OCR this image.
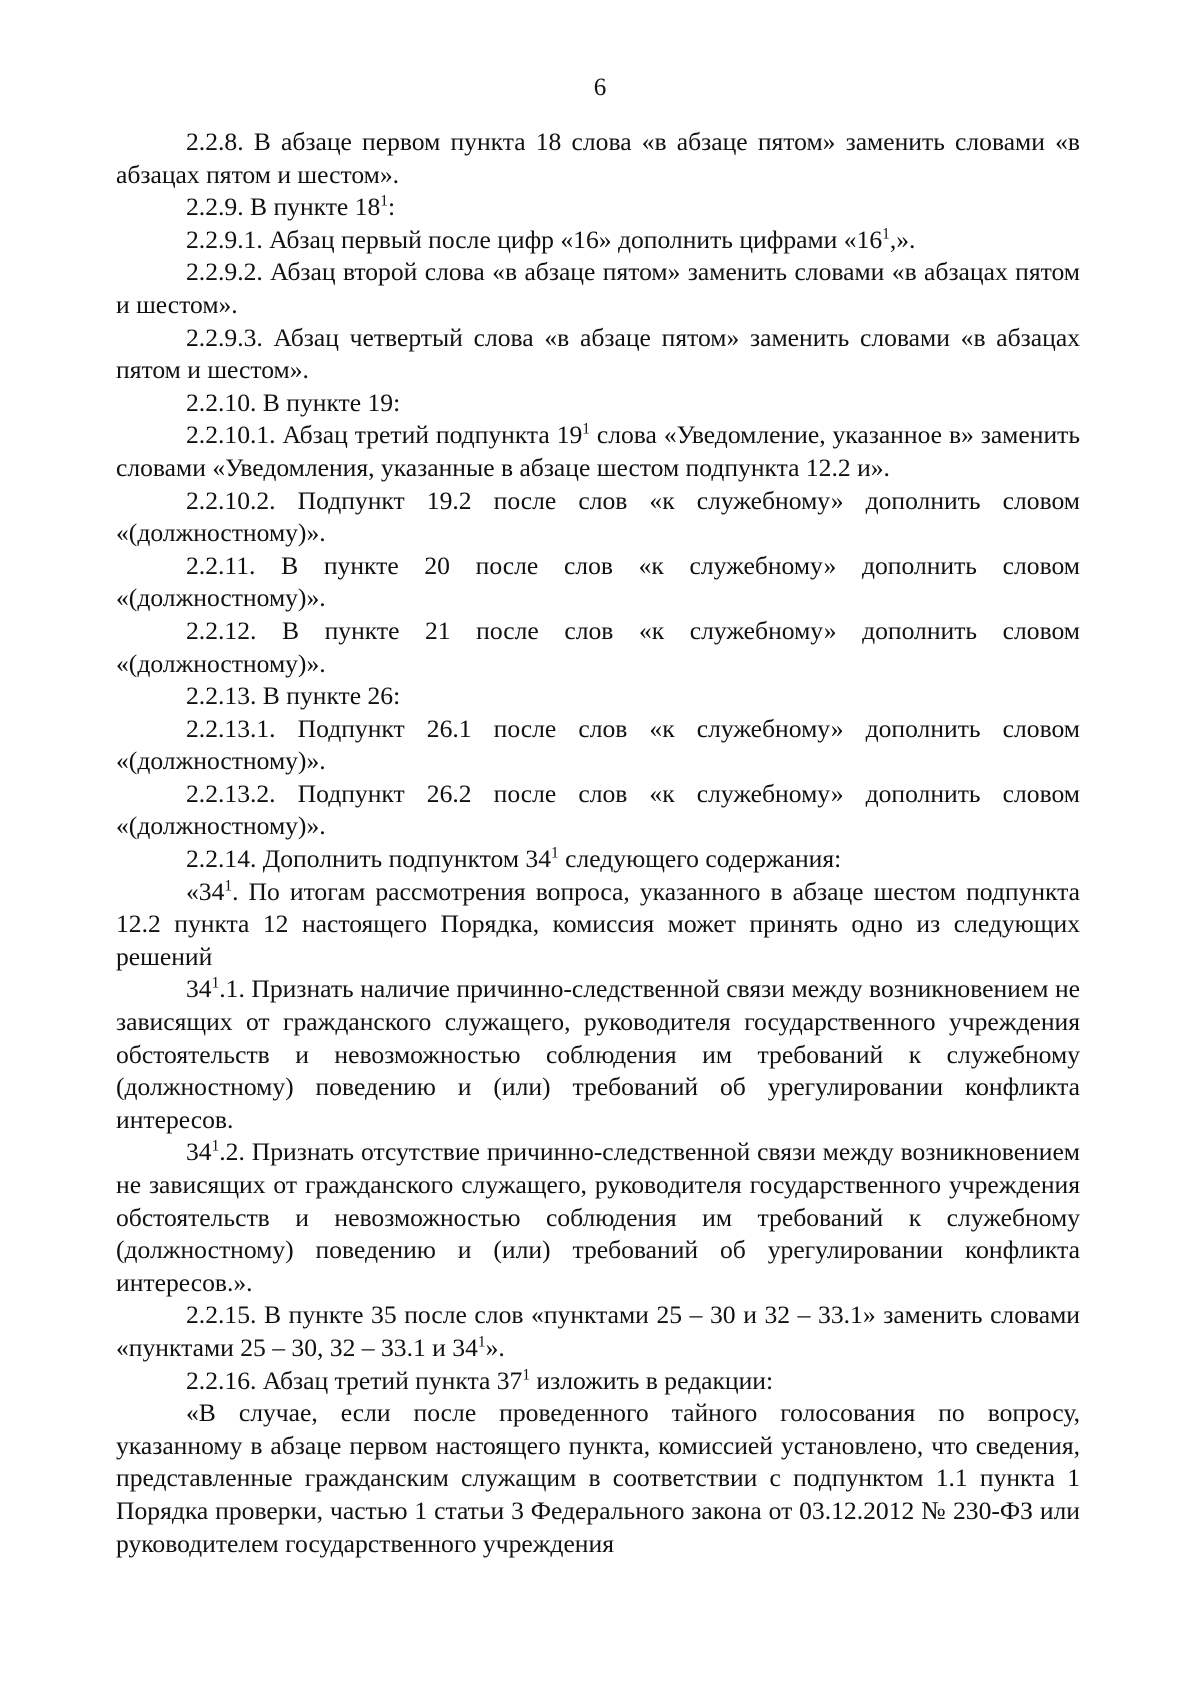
6

2.2.8. В абзаце первом пункта 18 слова «в абзаце пятом» заменить словами «в абзацах пятом и шестом».

2.2.9. В пункте $18^1$:

2.2.9.1. Абзац первый после цифр «16» дополнить цифрами «$16^1$,».

2.2.9.2. Абзац второй слова «в абзаце пятом» заменить словами «в абзацах пятом и шестом».

2.2.9.3. Абзац четвертый слова «в абзаце пятом» заменить словами «в абзацах пятом и шестом».

2.2.10. В пункте 19:

2.2.10.1. Абзац третий подпункта $19^1$ слова «Уведомление, указанное в» заменить словами «Уведомления, указанные в абзаце шестом подпункта 12.2 и».

2.2.10.2. Подпункт 19.2 после слов «к служебному» дополнить словом «(должностному)».

2.2.11. В пункте 20 после слов «к служебному» дополнить словом «(должностному)».

2.2.12. В пункте 21 после слов «к служебному» дополнить словом «(должностному)».

2.2.13. В пункте 26:

2.2.13.1. Подпункт 26.1 после слов «к служебному» дополнить словом «(должностному)».

2.2.13.2. Подпункт 26.2 после слов «к служебному» дополнить словом «(должностному)».

2.2.14. Дополнить подпунктом $34^1$ следующего содержания:

«$34^1$. По итогам рассмотрения вопроса, указанного в абзаце шестом подпункта 12.2 пункта 12 настоящего Порядка, комиссия может принять одно из следующих решений

$34^1.1$. Признать наличие причинно-следственной связи между возникновением не зависящих от гражданского служащего, руководителя государственного учреждения обстоятельств и невозможностью соблюдения им требований к служебному (должностному) поведению и (или) требований об урегулировании конфликта интересов.

$34^1.2$. Признать отсутствие причинно-следственной связи между возникновением не зависящих от гражданского служащего, руководителя государственного учреждения обстоятельств и невозможностью соблюдения им требований к служебному (должностному) поведению и (или) требований об урегулировании конфликта интересов.».

2.2.15. В пункте 35 после слов «пунктами 25 – 30 и 32 – 33.1» заменить словами «пунктами 25 – 30, 32 – 33.1 и $34^1$».

2.2.16. Абзац третий пункта $37^1$ изложить в редакции:

«В случае, если после проведенного тайного голосования по вопросу, указанному в абзаце первом настоящего пункта, комиссией установлено, что сведения, представленные гражданским служащим в соответствии с подпунктом 1.1 пункта 1 Порядка проверки, частью 1 статьи 3 Федерального закона от 03.12.2012 № 230-ФЗ или руководителем государственного учреждения
